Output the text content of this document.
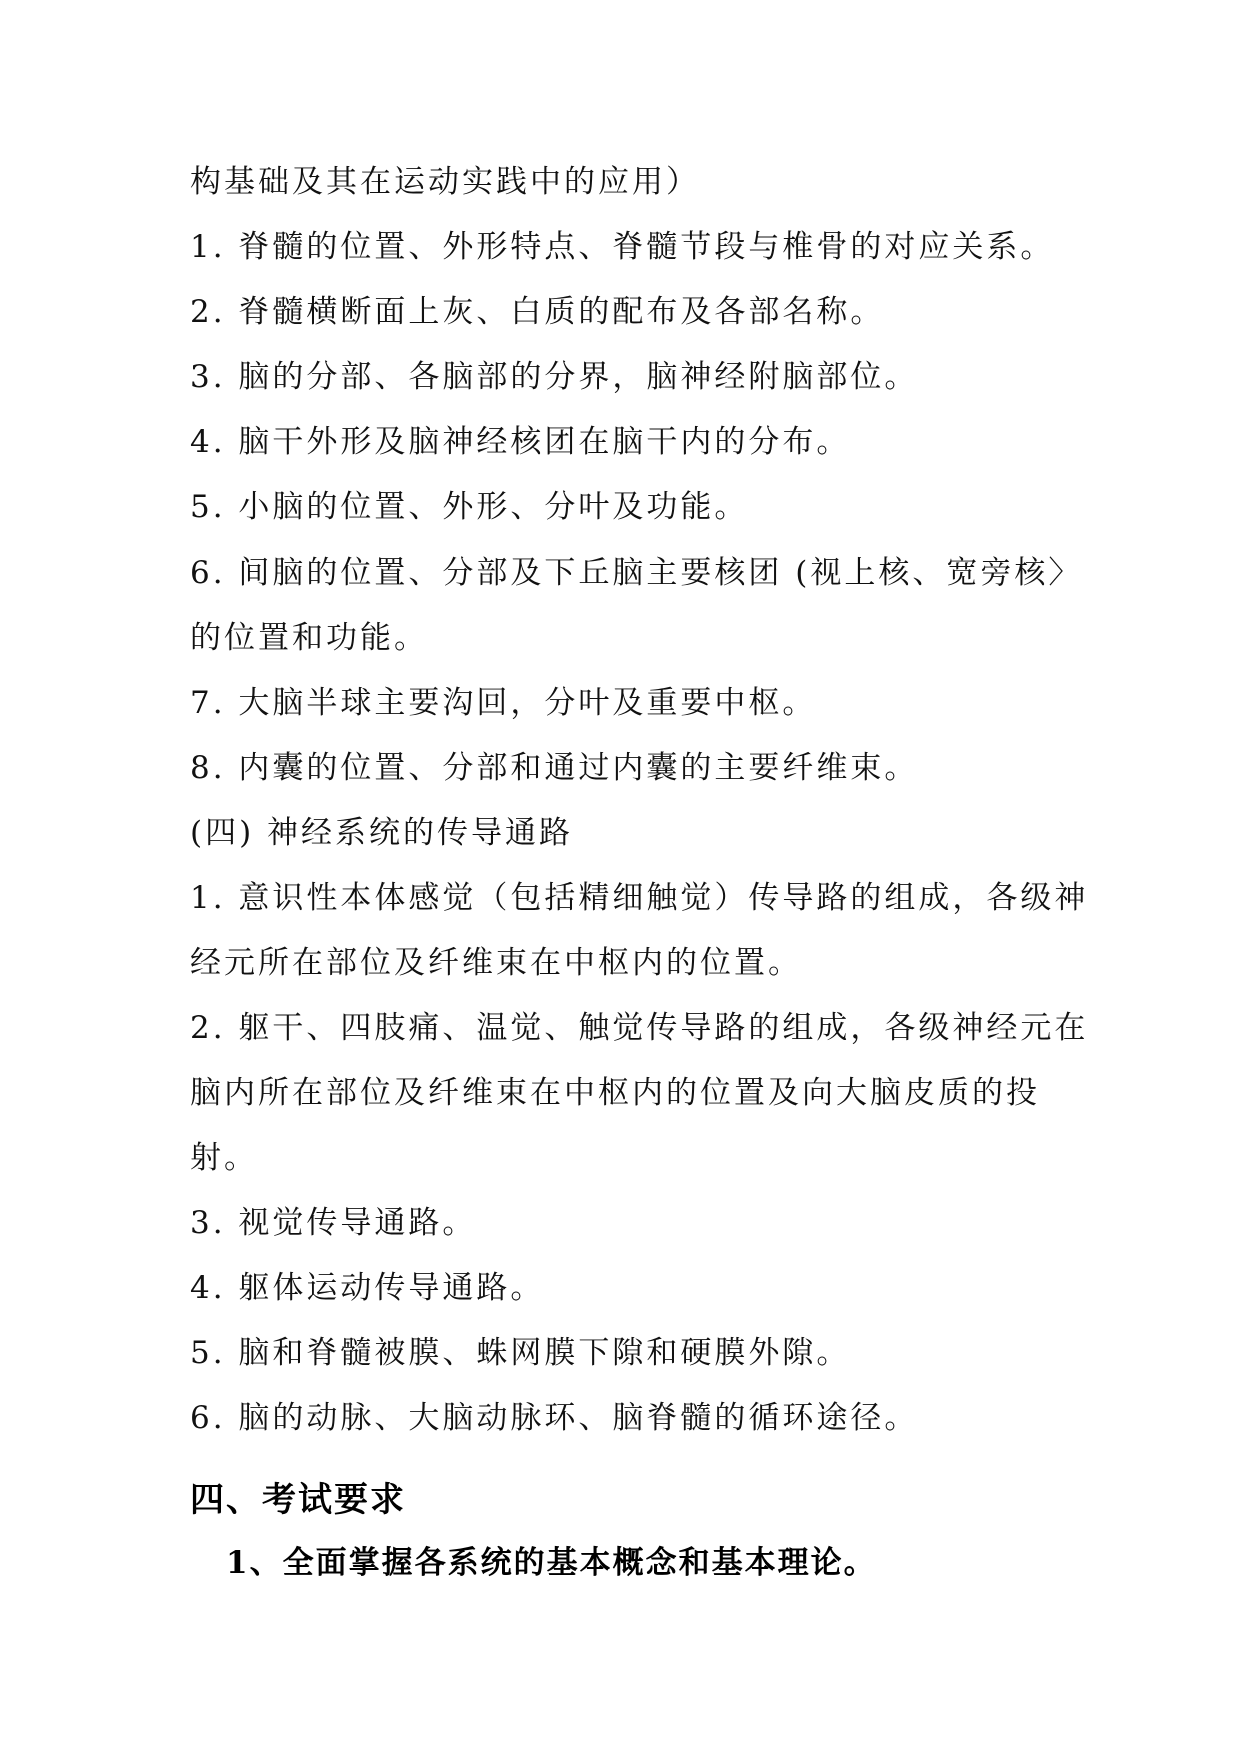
构基础及其在运动实践中的应用）

1. 脊髓的位置、外形特点、脊髓节段与椎骨的对应关系。

2. 脊髓横断面上灰、白质的配布及各部名称。

3. 脑的分部、各脑部的分界，脑神经附脑部位。

4. 脑干外形及脑神经核团在脑干内的分布。

5. 小脑的位置、外形、分叶及功能。

6. 间脑的位置、分部及下丘脑主要核团 (视上核、宽旁核〉

的位置和功能。

7. 大脑半球主要沟回，分叶及重要中枢。

8. 内囊的位置、分部和通过内囊的主要纤维束。

(四) 神经系统的传导通路

1. 意识性本体感觉（包括精细触觉）传导路的组成，各级神

经元所在部位及纤维束在中枢内的位置。

2. 躯干、四肢痛、温觉、触觉传导路的组成，各级神经元在

脑内所在部位及纤维束在中枢内的位置及向大脑皮质的投

射。

3. 视觉传导通路。

4. 躯体运动传导通路。

5. 脑和脊髓被膜、蛛网膜下隙和硬膜外隙。

6. 脑的动脉、大脑动脉环、脑脊髓的循环途径。

四、考试要求

1、全面掌握各系统的基本概念和基本理论。
